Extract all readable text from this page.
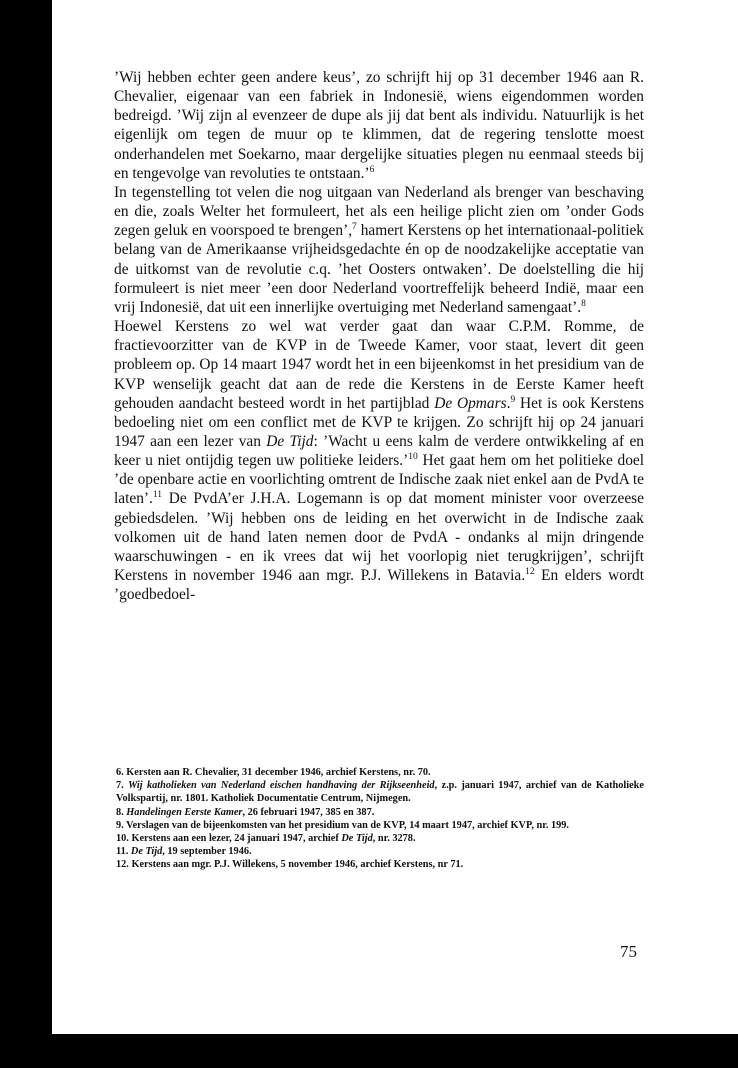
’Wij hebben echter geen andere keus’, zo schrijft hij op 31 december 1946 aan R. Chevalier, eigenaar van een fabriek in Indonesië, wiens eigendommen worden bedreigd. ’Wij zijn al evenzeer de dupe als jij dat bent als individu. Natuurlijk is het eigenlijk om tegen de muur op te klimmen, dat de regering tenslotte moest onderhandelen met Soekarno, maar dergelijke situaties plegen nu eenmaal steeds bij en tengevolge van revoluties te ontstaan.’$^6$

In tegenstelling tot velen die nog uitgaan van Nederland als brenger van beschaving en die, zoals Welter het formuleert, het als een heilige plicht zien om ’onder Gods zegen geluk en voorspoed te brengen’,$^7$ hamert Kerstens op het internationaal-politiek belang van de Amerikaanse vrijheidsgedachte én op de noodzakelijke acceptatie van de uitkomst van de revolutie c.q. ’het Oosters ontwaken’. De doelstelling die hij formuleert is niet meer ’een door Nederland voortreffelijk beheerd Indië, maar een vrij Indonesië, dat uit een innerlijke overtuiging met Nederland samengaat’.$^8$

Hoewel Kerstens zo wel wat verder gaat dan waar C.P.M. Romme, de fractievoorzitter van de KVP in de Tweede Kamer, voor staat, levert dit geen probleem op. Op 14 maart 1947 wordt het in een bijeenkomst in het presidium van de KVP wenselijk geacht dat aan de rede die Kerstens in de Eerste Kamer heeft gehouden aandacht besteed wordt in het partijblad De Opmars.$^9$ Het is ook Kerstens bedoeling niet om een conflict met de KVP te krijgen. Zo schrijft hij op 24 januari 1947 aan een lezer van De Tijd: ’Wacht u eens kalm de verdere ontwikkeling af en keer u niet ontijdig tegen uw politieke leiders.’$^{10}$ Het gaat hem om het politieke doel ’de openbare actie en voorlichting omtrent de Indische zaak niet enkel aan de PvdA te laten’.$^{11}$ De PvdA’er J.H.A. Logemann is op dat moment minister voor overzeese gebiedsdelen. ’Wij hebben ons de leiding en het overwicht in de Indische zaak volkomen uit de hand laten nemen door de PvdA - ondanks al mijn dringende waarschuwingen - en ik vrees dat wij het voorlopig niet terugkrijgen’, schrijft Kerstens in november 1946 aan mgr. P.J. Willekens in Batavia.$^{12}$ En elders wordt ’goedbedoel-

6. Kersten aan R. Chevalier, 31 december 1946, archief Kerstens, nr. 70.
7. Wij katholieken van Nederland eischen handhaving der Rijkseenheid, z.p. januari 1947, archief van de Katholieke Volkspartij, nr. 1801. Katholiek Documentatie Centrum, Nijmegen.
8. Handelingen Eerste Kamer, 26 februari 1947, 385 en 387.
9. Verslagen van de bijeenkomsten van het presidium van de KVP, 14 maart 1947, archief KVP, nr. 199.
10. Kerstens aan een lezer, 24 januari 1947, archief De Tijd, nr. 3278.
11. De Tijd, 19 september 1946.
12. Kerstens aan mgr. P.J. Willekens, 5 november 1946, archief Kerstens, nr 71.
75
